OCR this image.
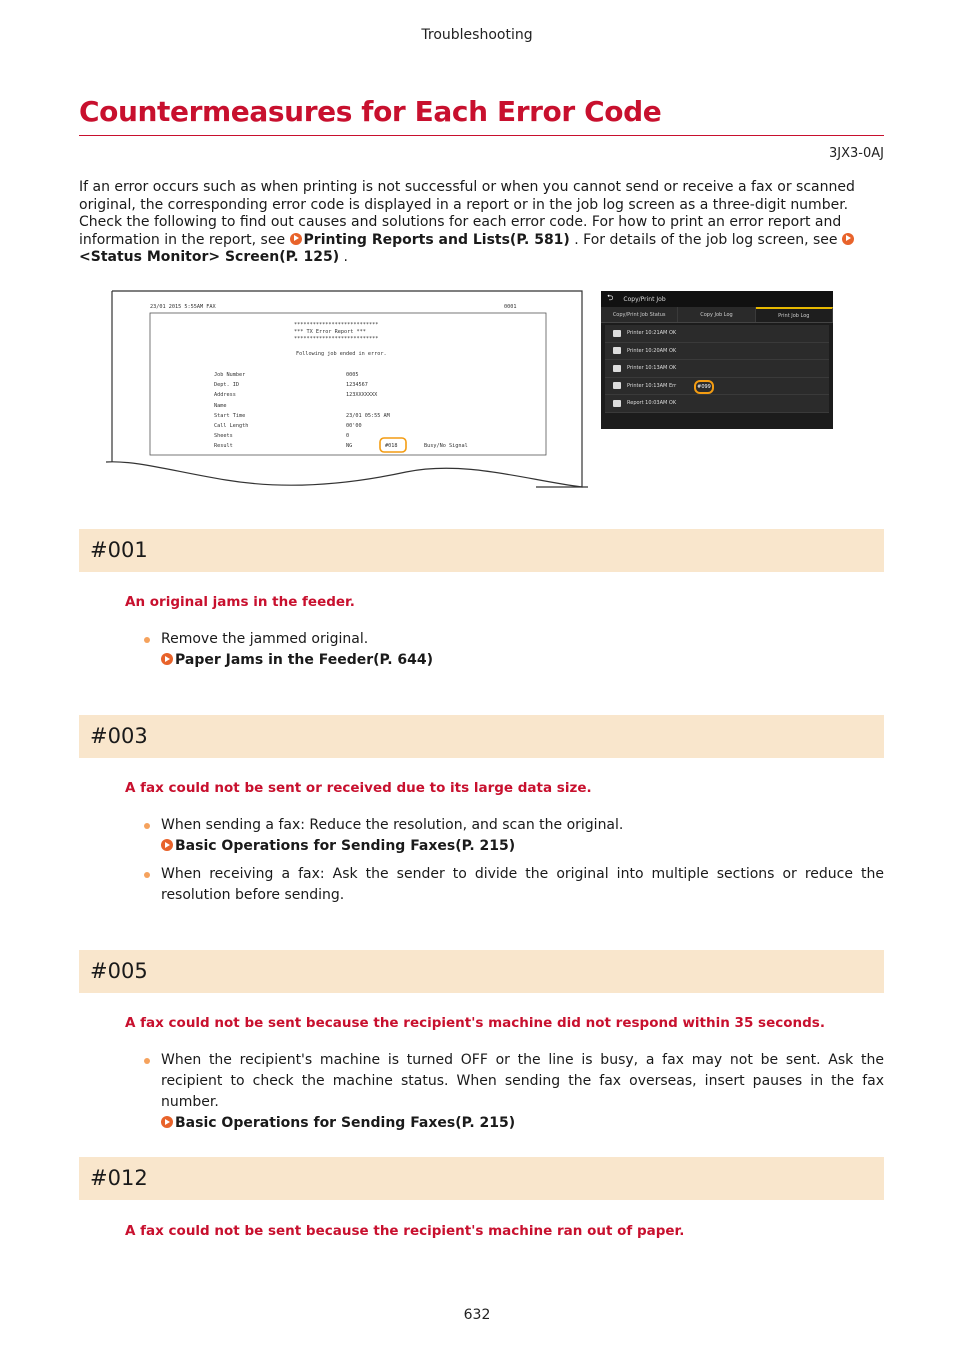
Troubleshooting
Countermeasures for Each Error Code
3JX3-0AJ

If an error occurs such as when printing is not successful or when you cannot send or receive a fax or scanned original, the corresponding error code is displayed in a report or in the job log screen as a three-digit number. Check the following to find out causes and solutions for each error code. For how to print an error report and information in the report, see Printing Reports and Lists(P. 581) . For details of the job log screen, see <Status Monitor> Screen(P. 125) .

23/01 2015 5:55AM FAX	0001
***************************
*** TX Error Report ***
***************************
Following job ended in error.
Job Number	0005
Dept. ID	1234567
Address	123XXXXXXX
Name
Start Time	23/01 05:55 AM
Call Length	00'00
Sheets	0
Result	NG	#018	Busy/No Signal
⮌ Copy/Print Job
Copy/Print Job Status	Copy Job Log	Print Job Log
Printer 10:21AM OK
Printer 10:20AM OK
Printer 10:13AM OK
Printer 10:13AM Err	#099
Report 10:03AM OK
#001
An original jams in the feeder.
Remove the jammed original.
Paper Jams in the Feeder(P. 644)
#003
A fax could not be sent or received due to its large data size.
When sending a fax: Reduce the resolution, and scan the original.
Basic Operations for Sending Faxes(P. 215)
When receiving a fax: Ask the sender to divide the original into multiple sections or reduce the resolution before sending.
#005
A fax could not be sent because the recipient's machine did not respond within 35 seconds.
When the recipient's machine is turned OFF or the line is busy, a fax may not be sent. Ask the recipient to check the machine status. When sending the fax overseas, insert pauses in the fax number.
Basic Operations for Sending Faxes(P. 215)
#012
A fax could not be sent because the recipient's machine ran out of paper.
632
